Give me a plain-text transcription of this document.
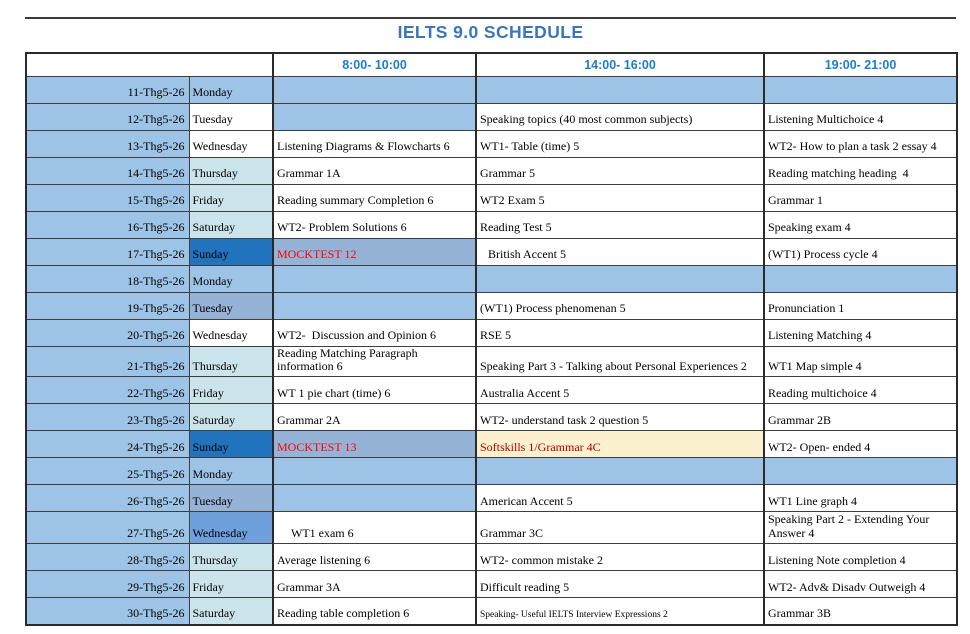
IELTS 9.0 SCHEDULE
		8:00- 10:00	14:00- 16:00	19:00- 21:00
11-Thg5-26	Monday			
12-Thg5-26	Tuesday		Speaking topics (40 most common subjects)	Listening Multichoice 4
13-Thg5-26	Wednesday	Listening Diagrams & Flowcharts 6	WT1- Table (time) 5	WT2- How to plan a task 2 essay 4
14-Thg5-26	Thursday	Grammar 1A	Grammar 5	Reading matching heading  4
15-Thg5-26	Friday	Reading summary Completion 6	WT2 Exam 5	Grammar 1
16-Thg5-26	Saturday	WT2- Problem Solutions 6	Reading Test 5	Speaking exam 4
17-Thg5-26	Sunday	MOCKTEST 12	British Accent 5	(WT1) Process cycle 4
18-Thg5-26	Monday			
19-Thg5-26	Tuesday		(WT1) Process phenomenan 5	Pronunciation 1
20-Thg5-26	Wednesday	WT2-  Discussion and Opinion 6	RSE 5	Listening Matching 4
21-Thg5-26	Thursday	Reading Matching Paragraph information 6	Speaking Part 3 - Talking about Personal Experiences 2	WT1 Map simple 4
22-Thg5-26	Friday	WT 1 pie chart (time) 6	Australia Accent 5	Reading multichoice 4
23-Thg5-26	Saturday	Grammar 2A	WT2- understand task 2 question 5	Grammar 2B
24-Thg5-26	Sunday	MOCKTEST 13	Softskills 1/Grammar 4C	WT2- Open- ended 4
25-Thg5-26	Monday			
26-Thg5-26	Tuesday		American Accent 5	WT1 Line graph 4
27-Thg5-26	Wednesday	WT1 exam 6	Grammar 3C	Speaking Part 2 - Extending Your Answer 4
28-Thg5-26	Thursday	Average listening 6	WT2- common mistake 2	Listening Note completion 4
29-Thg5-26	Friday	Grammar 3A	Difficult reading 5	WT2- Adv& Disadv Outweigh 4
30-Thg5-26	Saturday	Reading table completion 6	Speaking- Useful IELTS Interview Expressions 2	Grammar 3B
